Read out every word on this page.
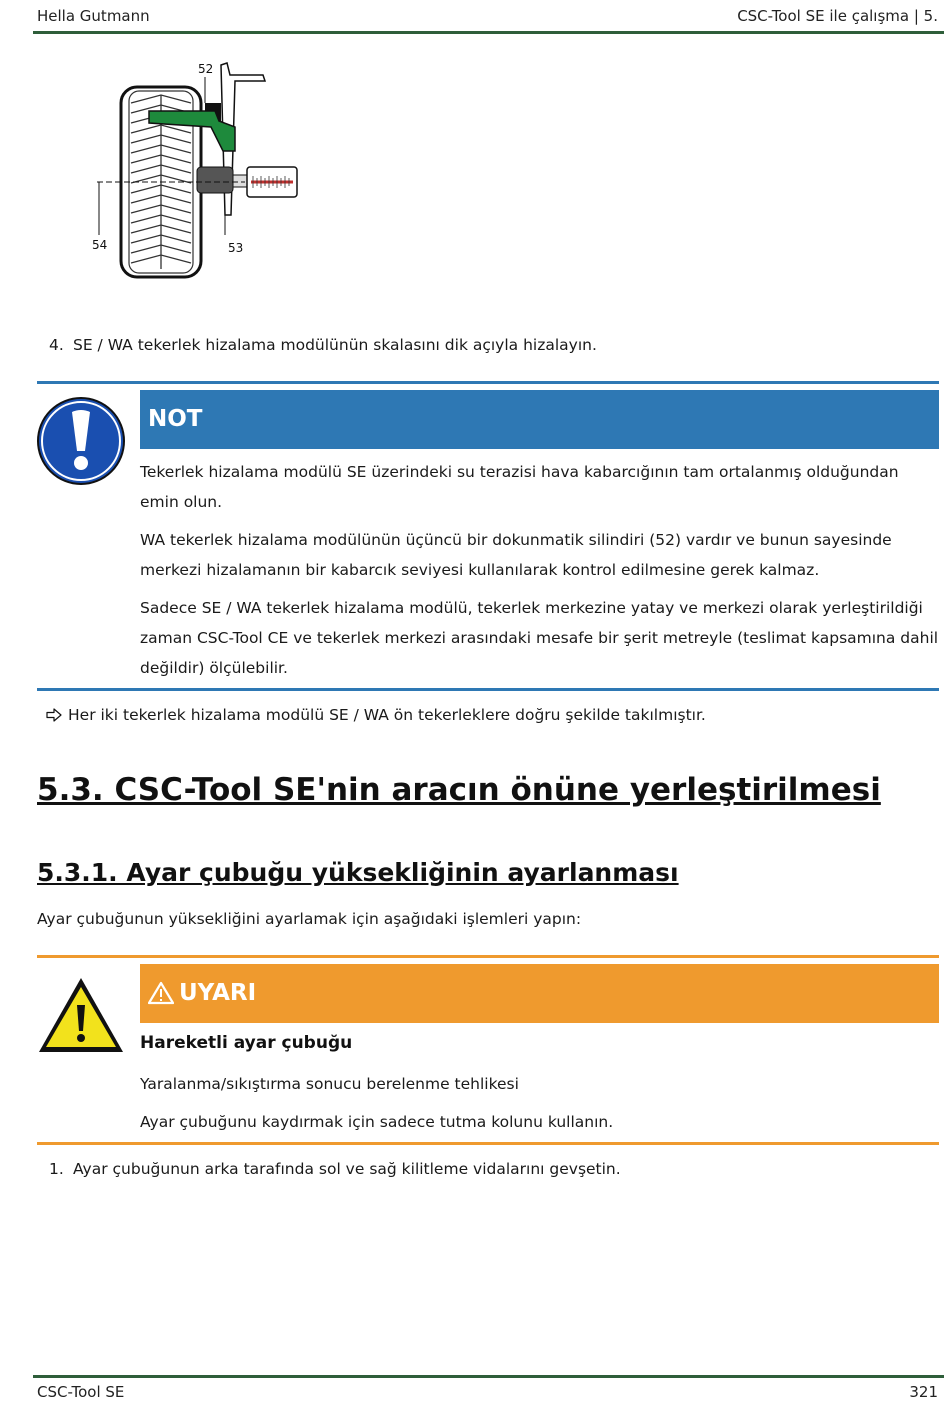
Hella Gutmann	CSC-Tool SE ile çalışma | 5.
52
53
54
4. SE / WA tekerlek hizalama modülünün skalasını dik açıyla hizalayın.
NOT
Tekerlek hizalama modülü SE üzerindeki su terazisi hava kabarcığının tam ortalanmış olduğundan emin olun.
WA tekerlek hizalama modülünün üçüncü bir dokunmatik silindiri (52) vardır ve bunun sayesinde merkezi hizalamanın bir kabarcık seviyesi kullanılarak kontrol edilmesine gerek kalmaz.
Sadece SE / WA tekerlek hizalama modülü, tekerlek merkezine yatay ve merkezi olarak yerleştirildiği zaman CSC-Tool CE ve tekerlek merkezi arasındaki mesafe bir şerit metreyle (teslimat kapsamına dahil değildir) ölçülebilir.
Her iki tekerlek hizalama modülü SE / WA ön tekerleklere doğru şekilde takılmıştır.
5.3. CSC-Tool SE'nin aracın önüne yerleştirilmesi
5.3.1. Ayar çubuğu yüksekliğinin ayarlanması
Ayar çubuğunun yüksekliğini ayarlamak için aşağıdaki işlemleri yapın:
UYARI
Hareketli ayar çubuğu
Yaralanma/sıkıştırma sonucu berelenme tehlikesi
Ayar çubuğunu kaydırmak için sadece tutma kolunu kullanın.
1. Ayar çubuğunun arka tarafında sol ve sağ kilitleme vidalarını gevşetin.
CSC-Tool SE	321
